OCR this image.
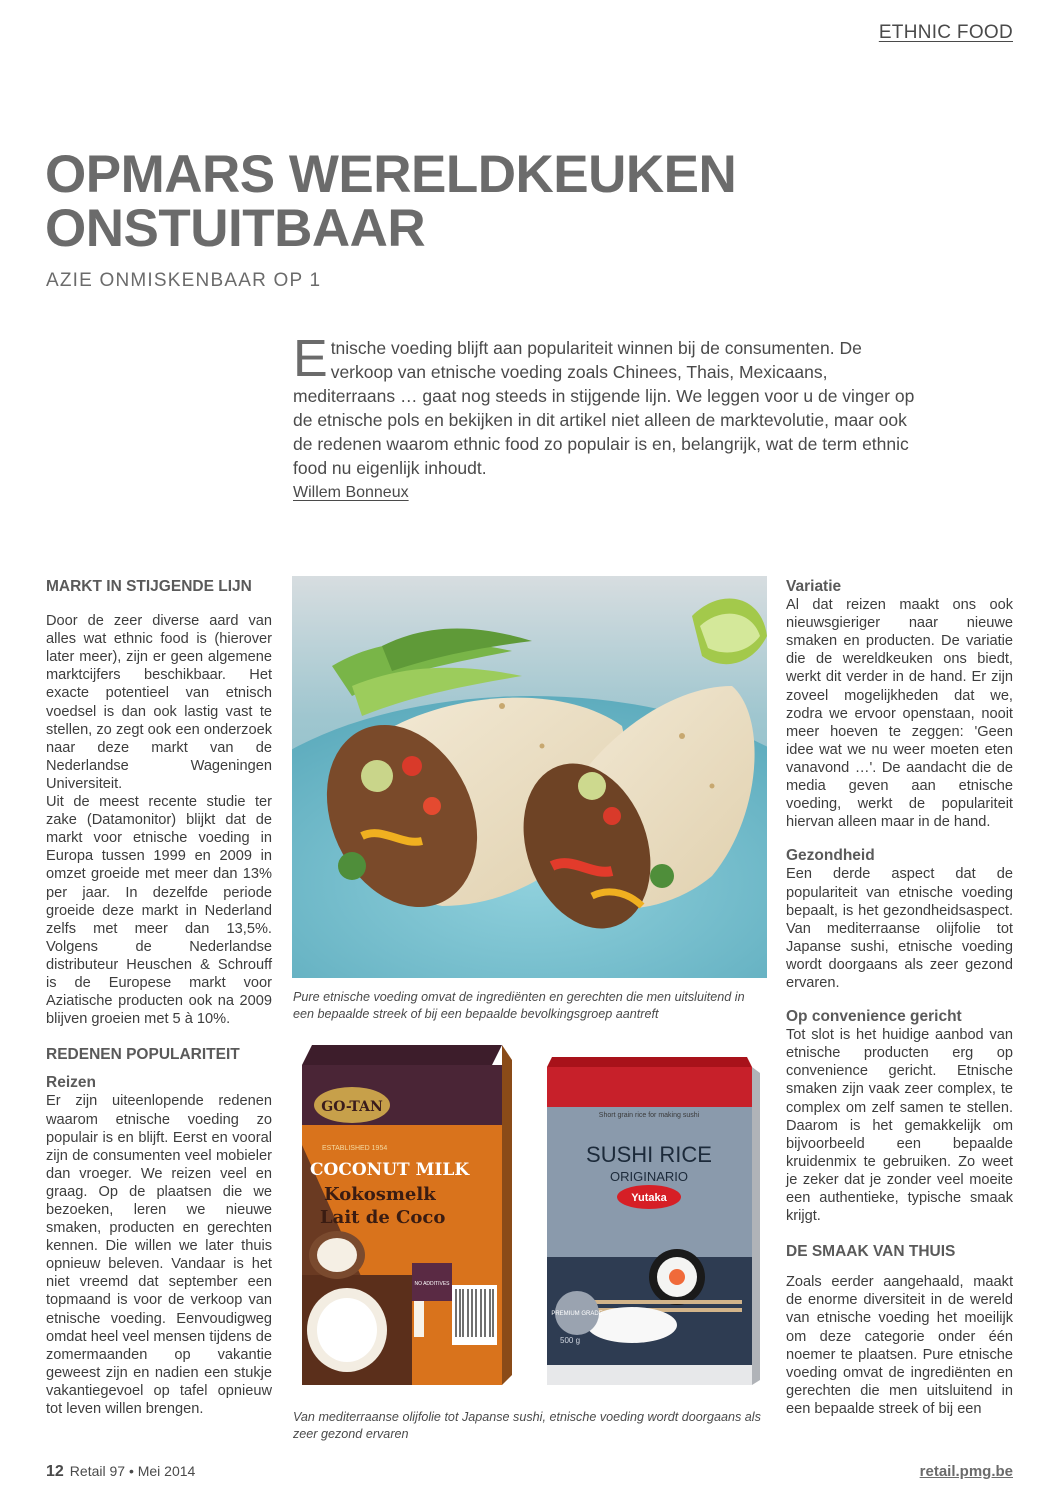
ETHNIC FOOD
OPMARS WERELDKEUKEN
ONSTUITBAAR
AZIE ONMISKENBAAR OP 1
Etnische voeding blijft aan populariteit winnen bij de consumenten. De verkoop van etnische voeding zoals Chinees, Thais, Mexicaans, mediterraans … gaat nog steeds in stijgende lijn. We leggen voor u de vinger op de etnische pols en bekijken in dit artikel niet alleen de marktevolutie, maar ook de redenen waarom ethnic food zo populair is en, belangrijk, wat de term ethnic food nu eigenlijk inhoudt.
Willem Bonneux
MARKT IN STIJGENDE LIJN

Door de zeer diverse aard van alles wat ethnic food is (hierover later meer), zijn er geen algemene marktcijfers beschikbaar. Het exacte potentieel van etnisch voedsel is dan ook lastig vast te stellen, zo zegt ook een onderzoek naar deze markt van de Nederlandse Wageningen Universiteit.

Uit de meest recente studie ter zake (Datamonitor) blijkt dat de markt voor etnische voeding in Europa tussen 1999 en 2009 in omzet groeide met meer dan 13% per jaar. In dezelfde periode groeide deze markt in Nederland zelfs met meer dan 13,5%. Volgens de Nederlandse distributeur Heuschen & Schrouff is de Europese markt voor Aziatische producten ook na 2009 blijven groeien met 5 à 10%.

REDENEN POPULARITEIT
Reizen

Er zijn uiteenlopende redenen waarom etnische voeding zo populair is en blijft. Eerst en vooral zijn de consumenten veel mobieler dan vroeger. We reizen veel en graag. Op de plaatsen die we bezoeken, leren we nieuwe smaken, producten en gerechten kennen. Die willen we later thuis opnieuw beleven. Vandaar is het niet vreemd dat september een topmaand is voor de verkoop van etnische voeding. Eenvoudigweg omdat heel veel mensen tijdens de zomermaanden op vakantie geweest zijn en nadien een stukje vakantiegevoel op tafel opnieuw tot leven willen brengen.

Pure etnische voeding omvat de ingrediënten en gerechten die men uitsluitend in een bepaalde streek of bij een bepaalde bevolkingsgroep aantreft
GO-TAN
ESTABLISHED 1954
COCONUT MILK
Kokosmelk
Lait de Coco
NO ADDITIVES
Short grain rice for making sushi
SUSHI RICE
ORIGINARIO
Yutaka
PREMIUM GRADE
500 g
Van mediterraanse olijfolie tot Japanse sushi, etnische voeding wordt doorgaans als zeer gezond ervaren
Variatie

Al dat reizen maakt ons ook nieuwsgieriger naar nieuwe smaken en producten. De variatie die de wereldkeuken ons biedt, werkt dit verder in de hand. Er zijn zoveel mogelijkheden dat we, zodra we ervoor openstaan, nooit meer hoeven te zeggen: 'Geen idee wat we nu weer moeten eten vanavond …'. De aandacht die de media geven aan etnische voeding, werkt de populariteit hiervan alleen maar in de hand.

Gezondheid

Een derde aspect dat de populariteit van etnische voeding bepaalt, is het gezondheidsaspect. Van mediterraanse olijfolie tot Japanse sushi, etnische voeding wordt doorgaans als zeer gezond ervaren.

Op convenience gericht

Tot slot is het huidige aanbod van etnische producten erg op convenience gericht. Etnische smaken zijn vaak zeer complex, te complex om zelf samen te stellen. Daarom is het gemakkelijk om bijvoorbeeld een bepaalde kruidenmix te gebruiken. Zo weet je zeker dat je zonder veel moeite een authentieke, typische smaak krijgt.

DE SMAAK VAN THUIS

Zoals eerder aangehaald, maakt de enorme diversiteit in de wereld van etnische voeding het moeilijk om deze categorie onder één noemer te plaatsen. Pure etnische voeding omvat de ingrediënten en gerechten die men uitsluitend in een bepaalde streek of bij een

12 Retail 97 • Mei 2014	retail.pmg.be
